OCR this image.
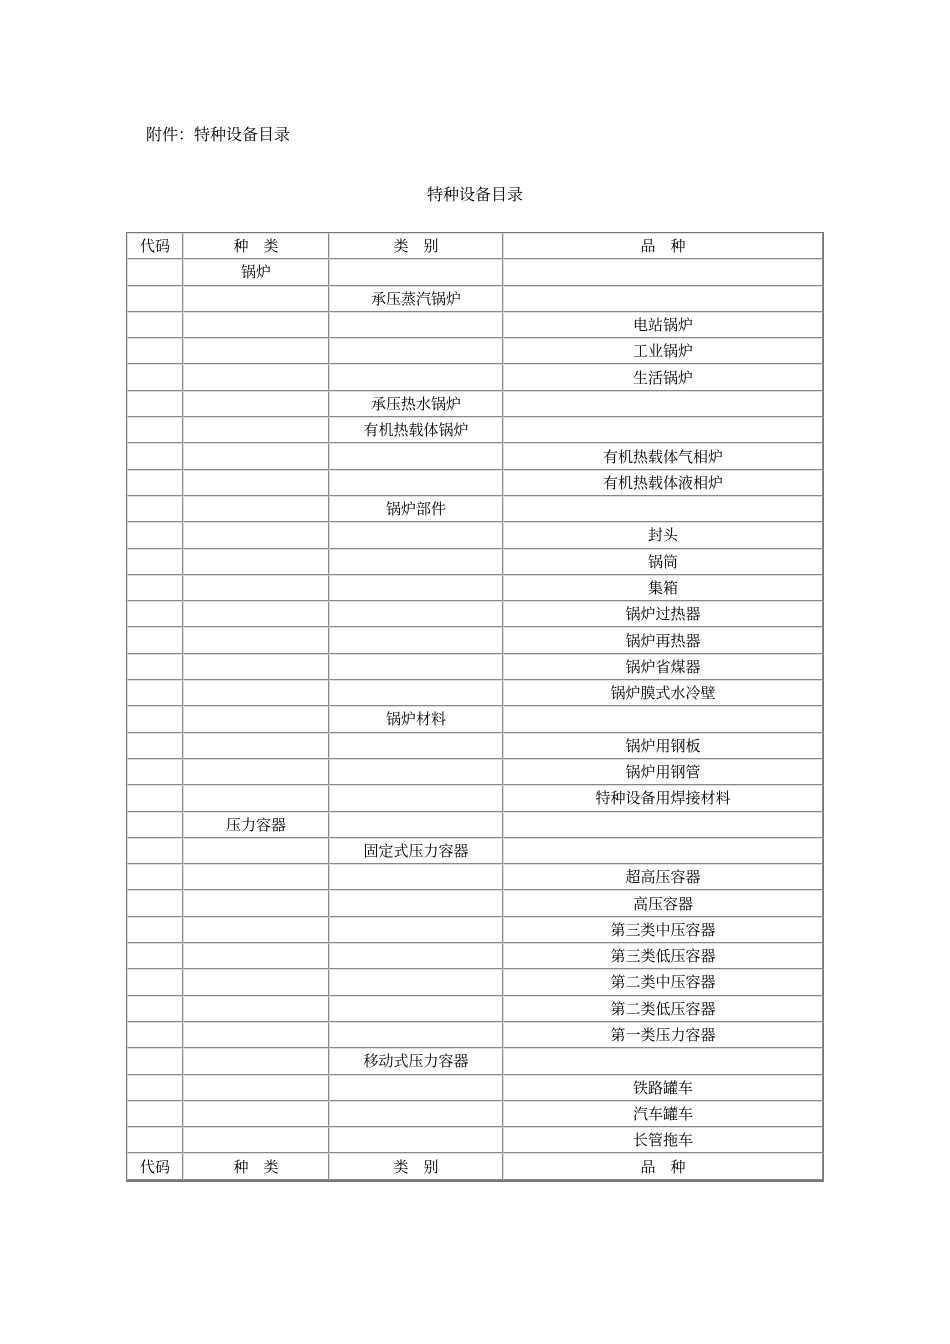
附件：特种设备目录
特种设备目录
代码	种　类	类　别	品　种
	锅炉		
		承压蒸汽锅炉	
			电站锅炉
			工业锅炉
			生活锅炉
		承压热水锅炉	
		有机热载体锅炉	
			有机热载体气相炉
			有机热载体液相炉
		锅炉部件	
			封头
			锅筒
			集箱
			锅炉过热器
			锅炉再热器
			锅炉省煤器
			锅炉膜式水冷壁
		锅炉材料	
			锅炉用钢板
			锅炉用钢管
			特种设备用焊接材料
	压力容器		
		固定式压力容器	
			超高压容器
			高压容器
			第三类中压容器
			第三类低压容器
			第二类中压容器
			第二类低压容器
			第一类压力容器
		移动式压力容器	
			铁路罐车
			汽车罐车
			长管拖车
代码	种　类	类　别	品　种
